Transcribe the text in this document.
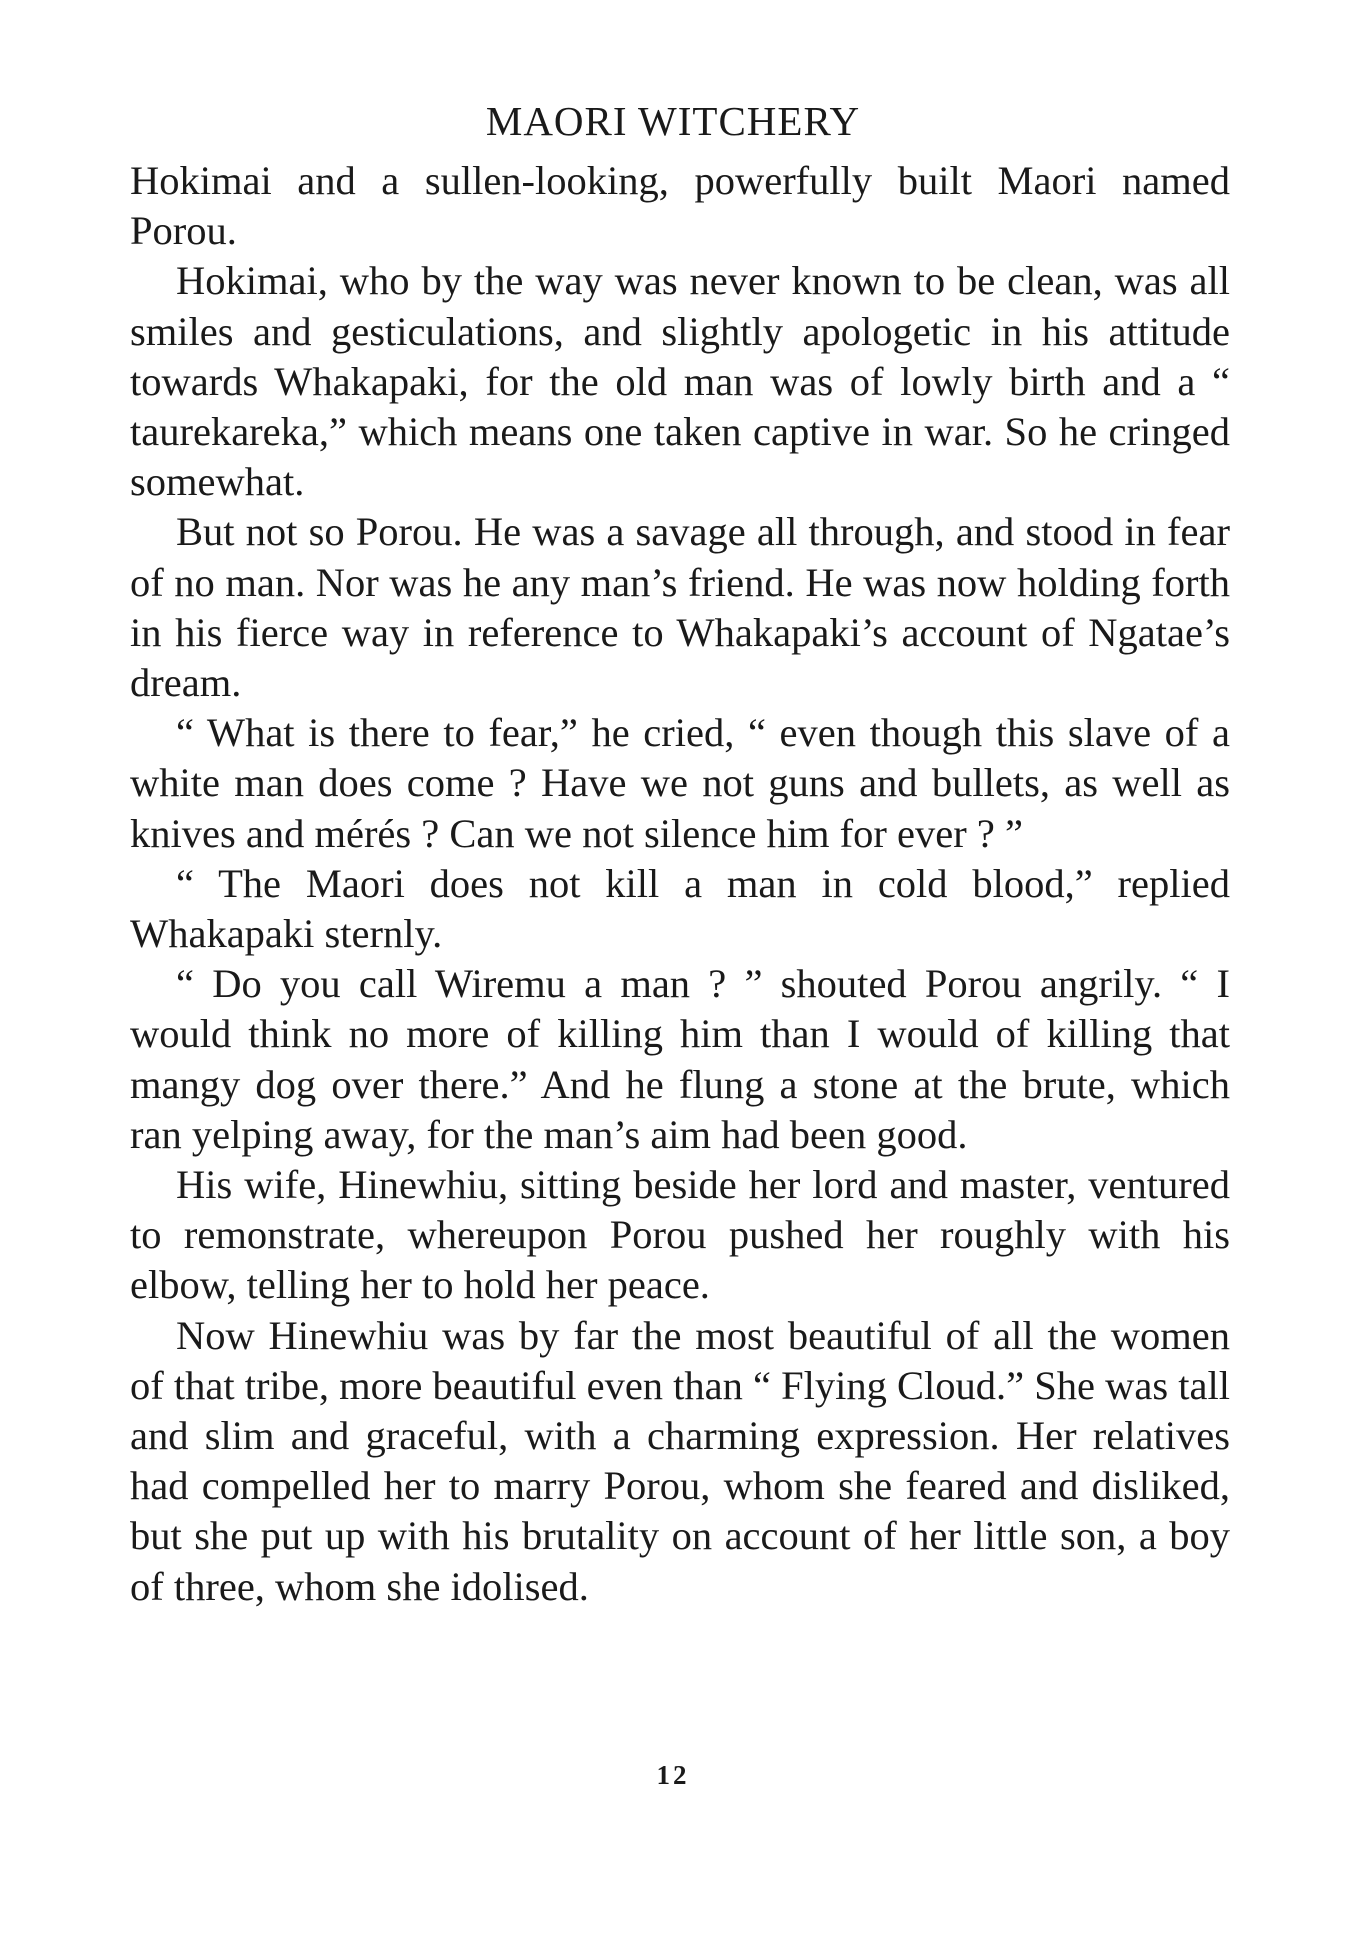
MAORI WITCHERY

Hokimai and a sullen-looking, powerfully built Maori named Porou.

Hokimai, who by the way was never known to be clean, was all smiles and gesticulations, and slightly apologetic in his attitude towards Whakapaki, for the old man was of lowly birth and a “ taurekareka,” which means one taken captive in war. So he cringed somewhat.

But not so Porou. He was a savage all through, and stood in fear of no man. Nor was he any man’s friend. He was now holding forth in his fierce way in reference to Whakapaki’s account of Ngatae’s dream.

“ What is there to fear,” he cried, “ even though this slave of a white man does come ? Have we not guns and bullets, as well as knives and mérés ? Can we not silence him for ever ? ”

“ The Maori does not kill a man in cold blood,” replied Whakapaki sternly.

“ Do you call Wiremu a man ? ” shouted Porou angrily. “ I would think no more of killing him than I would of killing that mangy dog over there.” And he flung a stone at the brute, which ran yelping away, for the man’s aim had been good.

His wife, Hinewhiu, sitting beside her lord and master, ventured to remonstrate, whereupon Porou pushed her roughly with his elbow, telling her to hold her peace.

Now Hinewhiu was by far the most beautiful of all the women of that tribe, more beautiful even than “ Flying Cloud.” She was tall and slim and graceful, with a charming expression. Her relatives had compelled her to marry Porou, whom she feared and disliked, but she put up with his brutality on account of her little son, a boy of three, whom she idolised.

12
